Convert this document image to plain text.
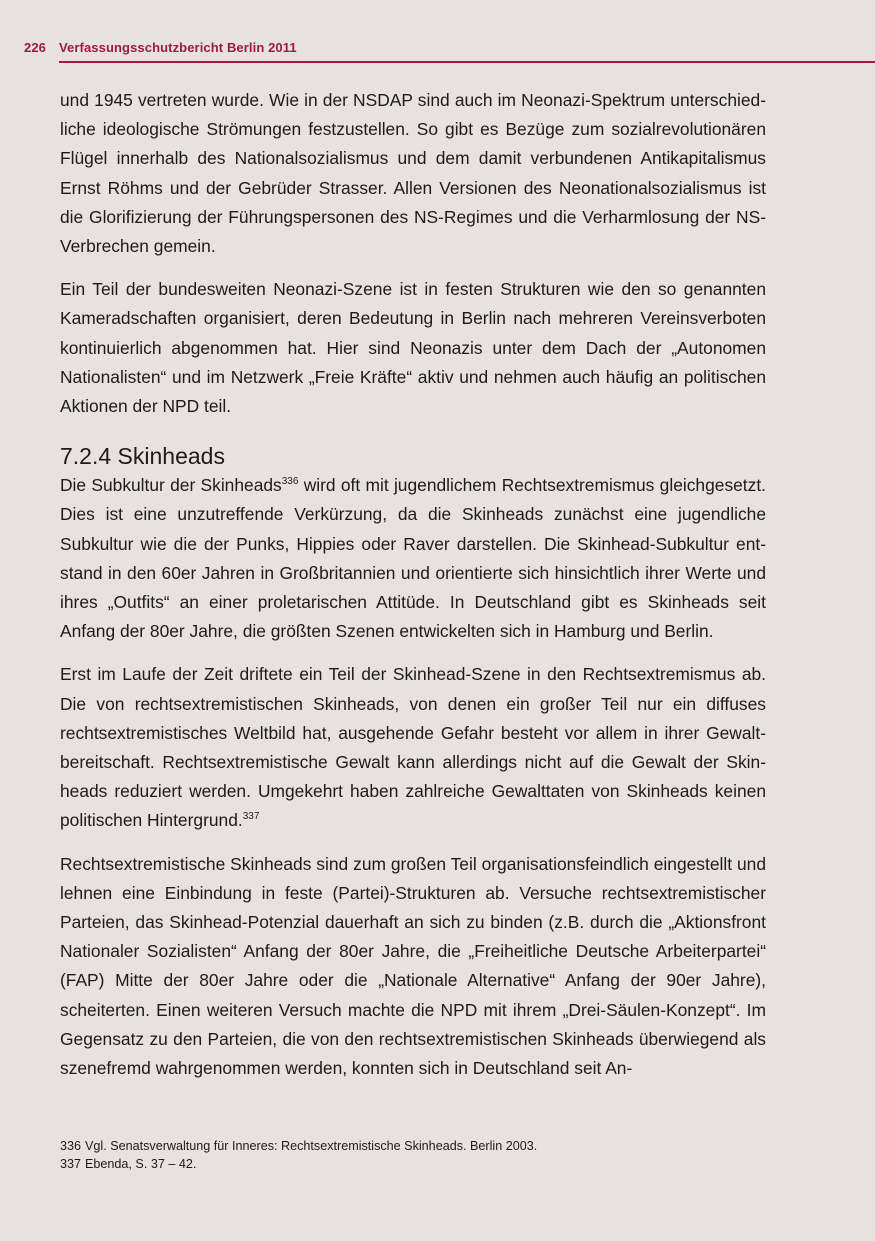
226 Verfassungsschutzbericht Berlin 2011

und 1945 vertreten wurde. Wie in der NSDAP sind auch im Neonazi-Spektrum unterschiedliche ideologische Strömungen festzustellen. So gibt es Bezüge zum sozialrevolutionären Flügel innerhalb des Nationalsozialismus und dem damit verbundenen Antikapitalismus Ernst Röhms und der Gebrüder Strasser. Allen Versionen des Neonationalsozialismus ist die Glorifizierung der Führungspersonen des NS-Regimes und die Verharmlosung der NS-Verbrechen gemein.

Ein Teil der bundesweiten Neonazi-Szene ist in festen Strukturen wie den so genannten Kameradschaften organisiert, deren Bedeutung in Berlin nach mehreren Vereinsverboten kontinuierlich abgenommen hat. Hier sind Neonazis unter dem Dach der „Autonomen Nationalisten“ und im Netzwerk „Freie Kräfte“ aktiv und nehmen auch häufig an politischen Aktionen der NPD teil.

7.2.4 Skinheads

Die Subkultur der Skinheads$^{336}$ wird oft mit jugendlichem Rechtsextremismus gleichgesetzt. Dies ist eine unzutreffende Verkürzung, da die Skinheads zunächst eine jugendliche Subkultur wie die der Punks, Hippies oder Raver darstellen. Die Skinhead-Subkultur entstand in den 60er Jahren in Großbritannien und orientierte sich hinsichtlich ihrer Werte und ihres „Outfits“ an einer proletarischen Attitüde. In Deutschland gibt es Skinheads seit Anfang der 80er Jahre, die größten Szenen entwickelten sich in Hamburg und Berlin.

Erst im Laufe der Zeit driftete ein Teil der Skinhead-Szene in den Rechtsextremismus ab. Die von rechtsextremistischen Skinheads, von denen ein großer Teil nur ein diffuses rechtsextremistisches Weltbild hat, ausgehende Gefahr besteht vor allem in ihrer Gewaltbereitschaft. Rechtsextremistische Gewalt kann allerdings nicht auf die Gewalt der Skinheads reduziert werden. Umgekehrt haben zahlreiche Gewalttaten von Skinheads keinen politischen Hintergrund.$^{337}$

Rechtsextremistische Skinheads sind zum großen Teil organisationsfeindlich eingestellt und lehnen eine Einbindung in feste (Partei)-Strukturen ab. Versuche rechtsextremistischer Parteien, das Skinhead-Potenzial dauerhaft an sich zu binden (z.B. durch die „Aktionsfront Nationaler Sozialisten“ Anfang der 80er Jahre, die „Freiheitliche Deutsche Arbeiterpartei“ (FAP) Mitte der 80er Jahre oder die „Nationale Alternative“ Anfang der 90er Jahre), scheiterten. Einen weiteren Versuch machte die NPD mit ihrem „Drei-Säulen-Konzept“. Im Gegensatz zu den Parteien, die von den rechtsextremistischen Skinheads überwiegend als szenefremd wahrgenommen werden, konnten sich in Deutschland seit An-

336 Vgl. Senatsverwaltung für Inneres: Rechtsextremistische Skinheads. Berlin 2003.
337 Ebenda, S. 37 – 42.
